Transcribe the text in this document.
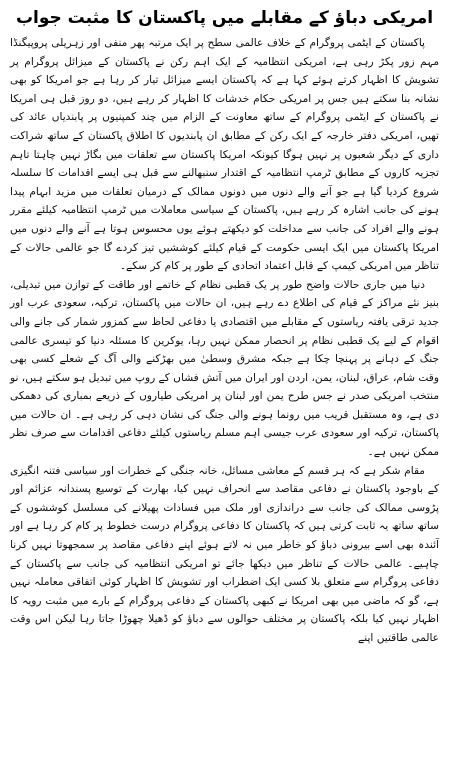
امریکی دباؤ کے مقابلے میں پاکستان کا مثبت جواب

پاکستان کے ایٹمی پروگرام کے خلاف عالمی سطح پر ایک مرتبہ پھر منفی اور زہریلی پروپیگنڈا مہم زور پکڑ رہی ہے، امریکی انتظامیہ کے ایک اہم رکن نے پاکستان کے میزائل پروگرام پر تشویش کا اظہار کرتے ہوئے کہا ہے کہ پاکستان ایسے میزائل تیار کر رہا ہے جو امریکا کو بھی نشانہ بنا سکتے ہیں جس پر امریکی حکام خدشات کا اظہار کر رہے ہیں، دو روز قبل ہی امریکا نے پاکستان کے ایٹمی پروگرام کے ساتھ معاونت کے الزام میں چند کمپنیوں پر پابندیاں عائد کی تھیں، امریکی دفتر خارجہ کے ایک رکن کے مطابق ان پابندیوں کا اطلاق پاکستان کے ساتھ شراکت داری کے دیگر شعبوں پر نہیں ہوگا کیونکہ امریکا پاکستان سے تعلقات میں بگاڑ نہیں چاہتا تاہم تجزیہ کاروں کے مطابق ٹرمپ انتظامیہ کے اقتدار سنبھالنے سے قبل ہی ایسے اقدامات کا سلسلہ شروع کردیا گیا ہے جو آنے والے دنوں میں دونوں ممالک کے درمیان تعلقات میں مزید ابہام پیدا ہونے کی جانب اشارہ کر رہے ہیں، پاکستان کے سیاسی معاملات میں ٹرمپ انتظامیہ کیلئے مقرر ہونے والے افراد کی جانب سے مداخلت کو دیکھتے ہوئے یوں محسوس ہوتا ہے آنے والے دنوں میں امریکا پاکستان میں ایک ایسی حکومت کے قیام کیلئے کوششیں تیز کردے گا جو عالمی حالات کے تناظر میں امریکی کیمپ کے قابل اعتماد اتحادی کے طور پر کام کر سکے۔

دنیا میں جاری حالات واضح طور پر یک قطبی نظام کے خاتمے اور طاقت کے توازن میں تبدیلی، بنیز نئے مراکز کے قیام کی اطلاع دے رہے ہیں، ان حالات میں پاکستان، ترکیہ، سعودی عرب اور جدید ترقی یافتہ ریاستوں کے مقابلے میں اقتصادی یا دفاعی لحاظ سے کمزور شمار کی جانے والی اقوام کے لیے یک قطبی نظام پر انحصار ممکن نہیں رہا، یوکرین کا مسئلہ دنیا کو تیسری عالمی جنگ کے دہانے پر پہنچا چکا ہے جبکہ مشرق وسطیٰ میں بھڑکنے والی آگ کے شعلے کسی بھی وقت شام، عراق، لبنان، یمن، اردن اور ایران میں آتش فشاں کے روپ میں تبدیل ہو سکتے ہیں، نو منتخب امریکی صدر نے جس طرح یمن اور لبنان پر امریکی طیاروں کے ذریعے بمباری کی دھمکی دی ہے، وہ مستقبل قریب میں رونما ہونے والی جنگ کی نشان دہی کر رہی ہے۔ ان حالات میں پاکستان، ترکیہ اور سعودی عرب جیسی اہم مسلم ریاستوں کیلئے دفاعی اقدامات سے صرف نظر ممکن نہیں ہے۔

مقام شکر ہے کہ ہر قسم کے معاشی مسائل، خانہ جنگی کے خطرات اور سیاسی فتنہ انگیزی کے باوجود پاکستان نے دفاعی مقاصد سے انحراف نہیں کیا، بھارت کے توسیع پسندانہ عزائم اور پڑوسی ممالک کی جانب سے دراندازی اور ملک میں فسادات پھیلانے کی مسلسل کوششوں کے ساتھ ساتھ یہ ثابت کرتی ہیں کہ پاکستان کا دفاعی پروگرام درست خطوط پر کام کر رہا ہے اور آئندہ بھی اسے بیرونی دباؤ کو خاطر میں نہ لاتے ہوئے اپنے دفاعی مقاصد پر سمجھوتا نہیں کرنا چاہیے۔ عالمی حالات کے تناظر میں دیکھا جائے تو امریکی انتظامیہ کی جانب سے پاکستان کے دفاعی پروگرام سے متعلق بلا کسی ایک اضطراب اور تشویش کا اظہار کوئی اتفاقی معاملہ نہیں ہے، گو کہ ماضی میں بھی امریکا نے کبھی پاکستان کے دفاعی پروگرام کے بارے میں مثبت رویہ کا اظہار نہیں کیا بلکہ پاکستان پر مختلف حوالوں سے دباؤ کو ڈھیلا چھوڑا جاتا رہا لیکن اس وقت عالمی طاقتیں اپنے
